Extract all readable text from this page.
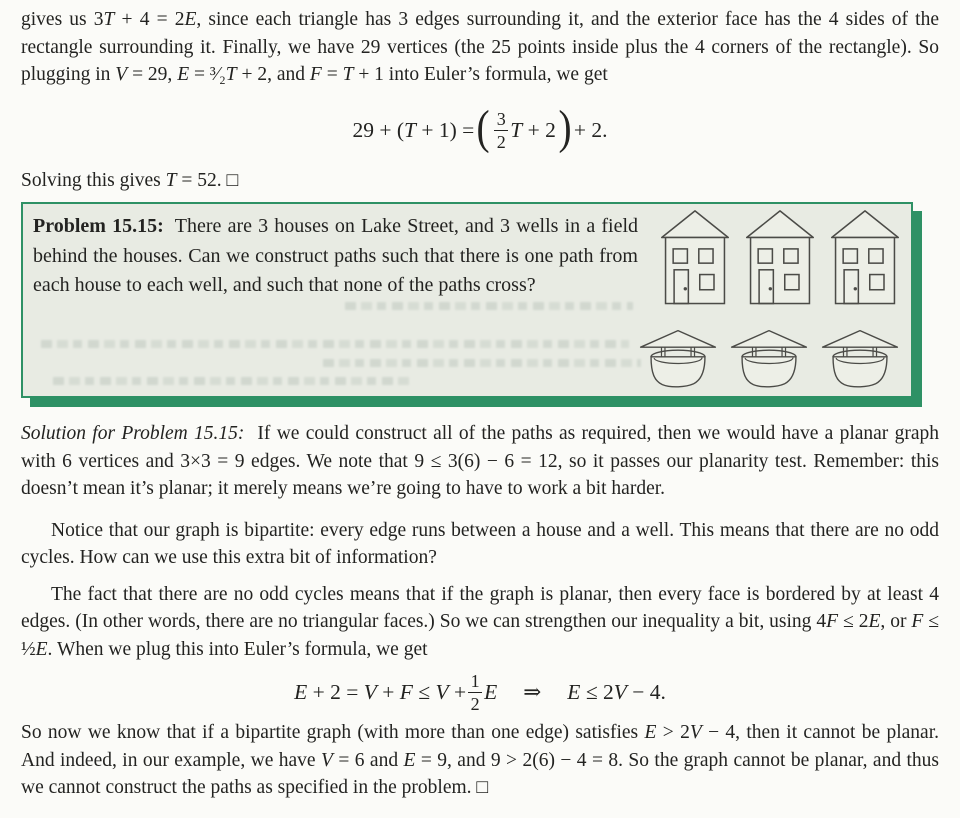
gives us 3T + 4 = 2E, since each triangle has 3 edges surrounding it, and the exterior face has the 4 sides of the rectangle surrounding it. Finally, we have 29 vertices (the 25 points inside plus the 4 corners of the rectangle). So plugging in V = 29, E = ³⁄₂T + 2, and F = T + 1 into Euler’s formula, we get

29 + (T + 1) = ( $\frac{3}{2}$ T + 2 ) + 2.

Solving this gives T = 52. □

Problem 15.15: There are 3 houses on Lake Street, and 3 wells in a field behind the houses. Can we construct paths such that there is one path from each house to each well, and such that none of the paths cross?

Solution for Problem 15.15: If we could construct all of the paths as required, then we would have a planar graph with 6 vertices and 3×3 = 9 edges. We note that 9 ≤ 3(6) − 6 = 12, so it passes our planarity test. Remember: this doesn’t mean it’s planar; it merely means we’re going to have to work a bit harder.

Notice that our graph is bipartite: every edge runs between a house and a well. This means that there are no odd cycles. How can we use this extra bit of information?

The fact that there are no odd cycles means that if the graph is planar, then every face is bordered by at least 4 edges. (In other words, there are no triangular faces.) So we can strengthen our inequality a bit, using 4F ≤ 2E, or F ≤ ½E. When we plug this into Euler’s formula, we get

$E + 2 = V + F \le V + \frac{1}{2}$ E ⇒ E ≤ 2V − 4.

So now we know that if a bipartite graph (with more than one edge) satisfies E > 2V − 4, then it cannot be planar. And indeed, in our example, we have V = 6 and E = 9, and 9 > 2(6) − 4 = 8. So the graph cannot be planar, and thus we cannot construct the paths as specified in the problem. □
